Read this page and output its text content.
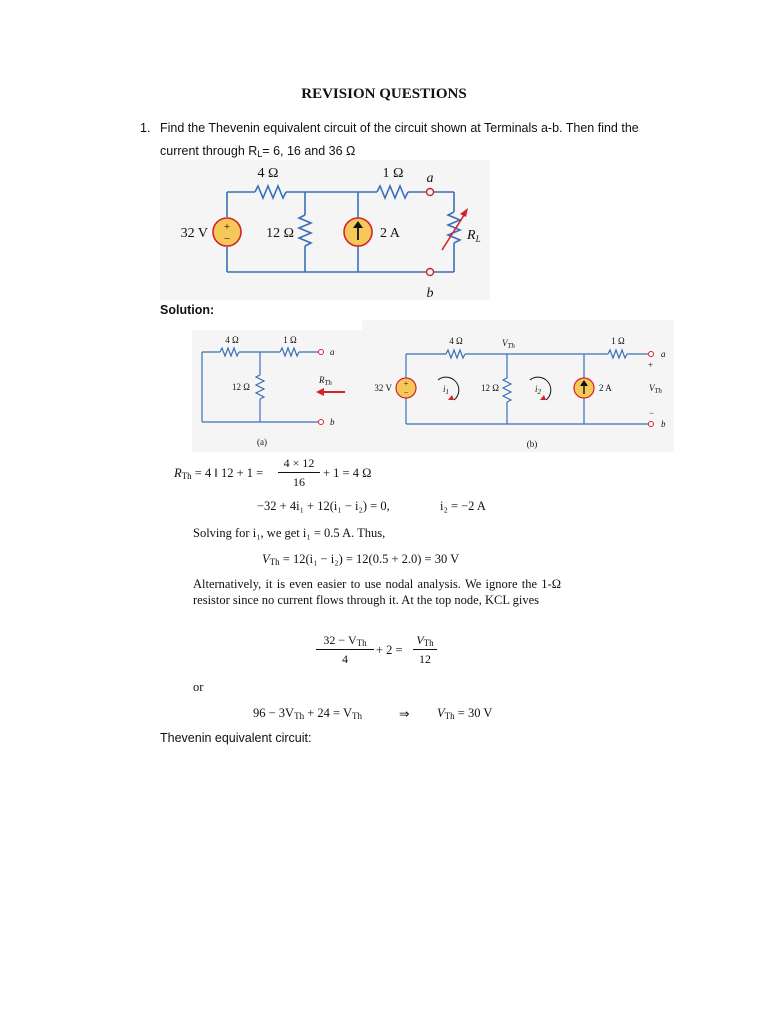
REVISION QUESTIONS
1. Find the Thevenin equivalent circuit of the circuit shown at Terminals a-b. Then find the
current through $R_L= 6$, 16 and 36 Ω
+
−
4 Ω	1 Ω a
b
32 V	12 Ω	2 A	$R_L$
Solution:
4 Ω	1 Ω
a
b
12 Ω
$R_{Th}$
(a)
+
−
4 Ω	$V_{Th}$	1 Ω
32 V	$i_1$	12 Ω	$i_2$	2 A
+
$V_{Th}$
−
a
b
(b)
$R_{Th} = 4$ ‖ $12 + 1 = \frac{4 \times 12}{16} + 1 = 4$ Ω
−32 + 4i₁ + 12(i₁ − i₂) = 0,	i₂ = −2 A
Solving for i₁, we get i₁ = 0.5 A. Thus,
$V_{Th} = 12(i_1 - i_2) = 12(0.5 + 2.0) = 30$ V
Alternatively, it is even easier to use nodal analysis. We ignore the 1-Ω resistor since no current flows through it. At the top node, KCL gives
$32 - V_{Th}$
4
+ 2 =
$V_{Th}$
12
or
$96 - 3V_{Th} + 24 = V_{Th}$	⇒ $V_{Th} = 30$ V
Thevenin equivalent circuit:
